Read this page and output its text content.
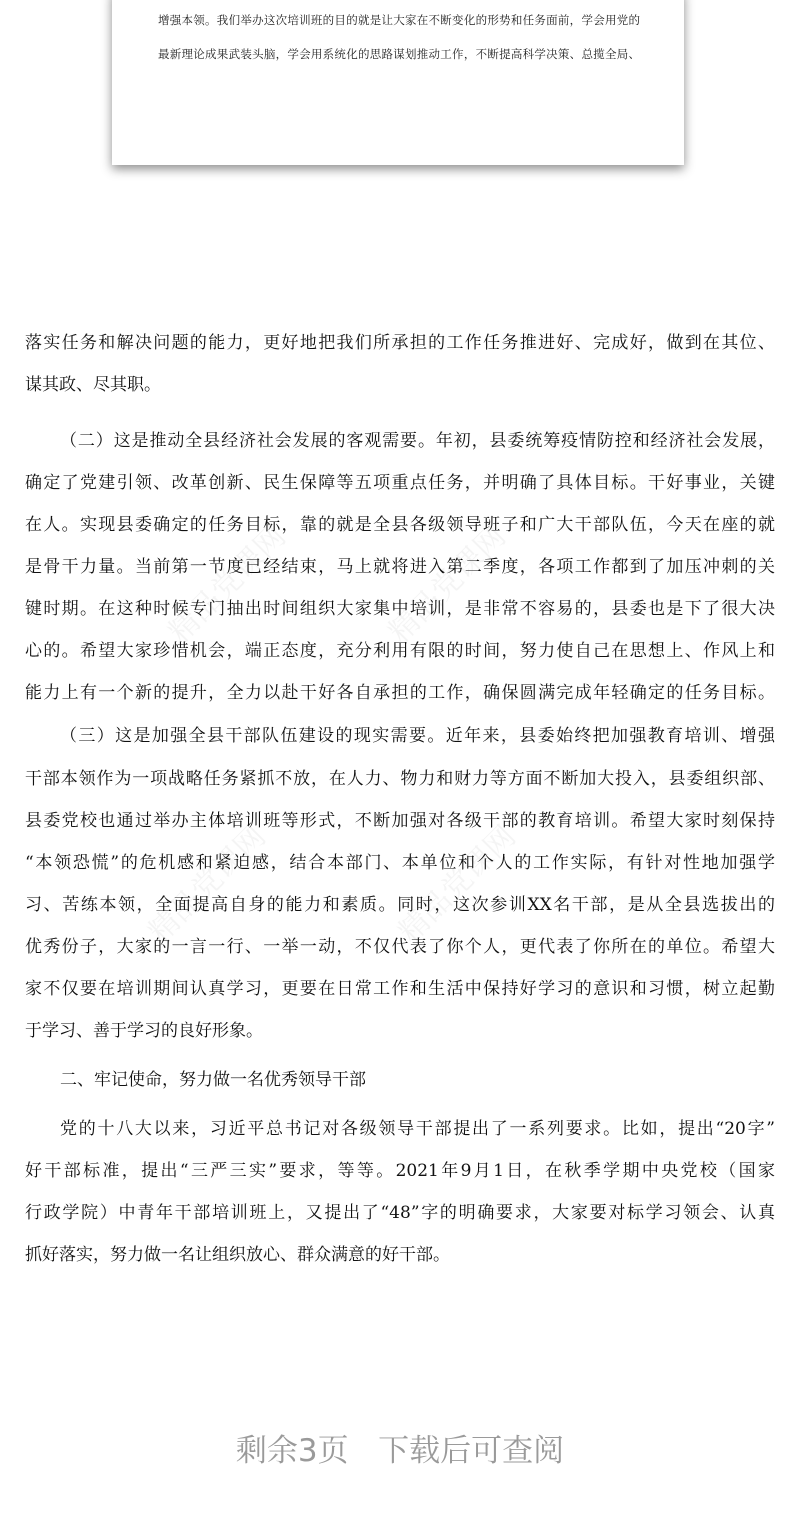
增强本领。我们举办这次培训班的目的就是让大家在不断变化的形势和任务面前，学会用党的
最新理论成果武装头脑，学会用系统化的思路谋划推动工作，不断提高科学决策、总揽全局、
精品党课网	精品党课网
精品党课网	精品党课网
落实任务和解决问题的能力，更好地把我们所承担的工作任务推进好、完成好，做到在其位、
谋其政、尽其职。
（二）这是推动全县经济社会发展的客观需要。年初，县委统筹疫情防控和经济社会发展，
确定了党建引领、改革创新、民生保障等五项重点任务，并明确了具体目标。干好事业，关键
在人。实现县委确定的任务目标，靠的就是全县各级领导班子和广大干部队伍，今天在座的就
是骨干力量。当前第一节度已经结束，马上就将进入第二季度，各项工作都到了加压冲刺的关
键时期。在这种时候专门抽出时间组织大家集中培训，是非常不容易的，县委也是下了很大决
心的。希望大家珍惜机会，端正态度，充分利用有限的时间，努力使自己在思想上、作风上和
能力上有一个新的提升，全力以赴干好各自承担的工作，确保圆满完成年轻确定的任务目标。
（三）这是加强全县干部队伍建设的现实需要。近年来，县委始终把加强教育培训、增强
干部本领作为一项战略任务紧抓不放，在人力、物力和财力等方面不断加大投入，县委组织部、
县委党校也通过举办主体培训班等形式，不断加强对各级干部的教育培训。希望大家时刻保持
“本领恐慌”的危机感和紧迫感，结合本部门、本单位和个人的工作实际，有针对性地加强学
习、苦练本领，全面提高自身的能力和素质。同时，这次参训XX名干部，是从全县选拔出的
优秀份子，大家的一言一行、一举一动，不仅代表了你个人，更代表了你所在的单位。希望大
家不仅要在培训期间认真学习，更要在日常工作和生活中保持好学习的意识和习惯，树立起勤
于学习、善于学习的良好形象。
二、牢记使命，努力做一名优秀领导干部
党的十八大以来，习近平总书记对各级领导干部提出了一系列要求。比如，提出“20字”
好干部标准，提出“三严三实”要求，等等。2021年9月1日，在秋季学期中央党校（国家
行政学院）中青年干部培训班上，又提出了“48”字的明确要求，大家要对标学习领会、认真
抓好落实，努力做一名让组织放心、群众满意的好干部。
剩余3页 下载后可查阅
